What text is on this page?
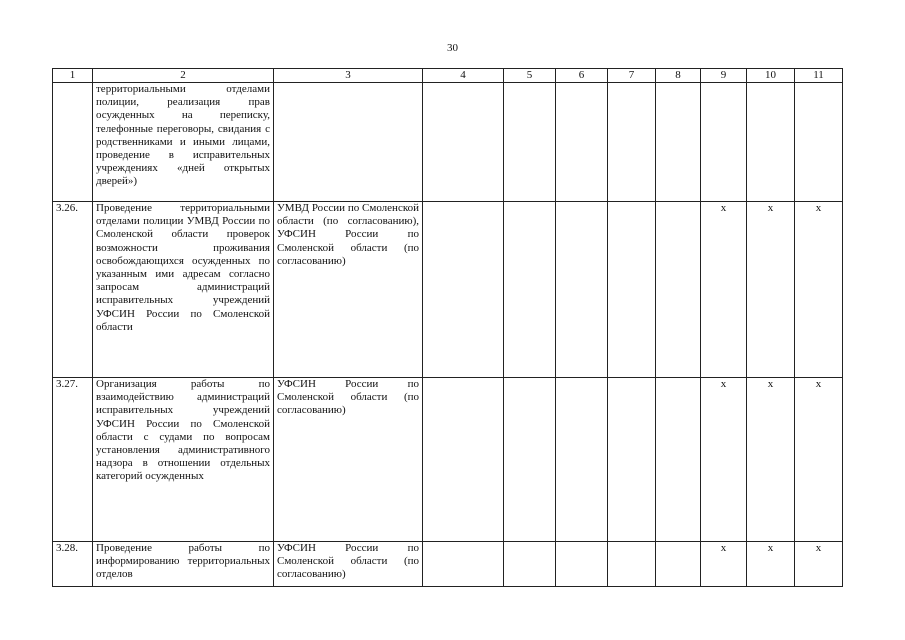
30
1	2	3	4	5	6	7	8	9	10	11
	территориальными отделами полиции, реализация прав осужденных на переписку, телефонные переговоры, свидания с родственниками и иными лицами, проведение в исправительных учреждениях «дней открытых дверей»)									
3.26.	Проведение территориальными отделами полиции УМВД России по Смоленской области проверок возможности проживания освобождающихся осужденных по указанным ими адресам согласно запросам администраций исправительных учреждений УФСИН России по Смоленской области	УМВД России по Смоленской области (по согласованию), УФСИН России по Смоленской области (по согласованию)						х	х	х
3.27.	Организация работы по взаимодействию администраций исправительных учреждений УФСИН России по Смоленской области с судами по вопросам установления административного надзора в отношении отдельных категорий осужденных	УФСИН России по Смоленской области (по согласованию)						х	х	х
3.28.	Проведение работы по информированию территориальных отделов	УФСИН России по Смоленской области (по согласованию)						х	х	х
